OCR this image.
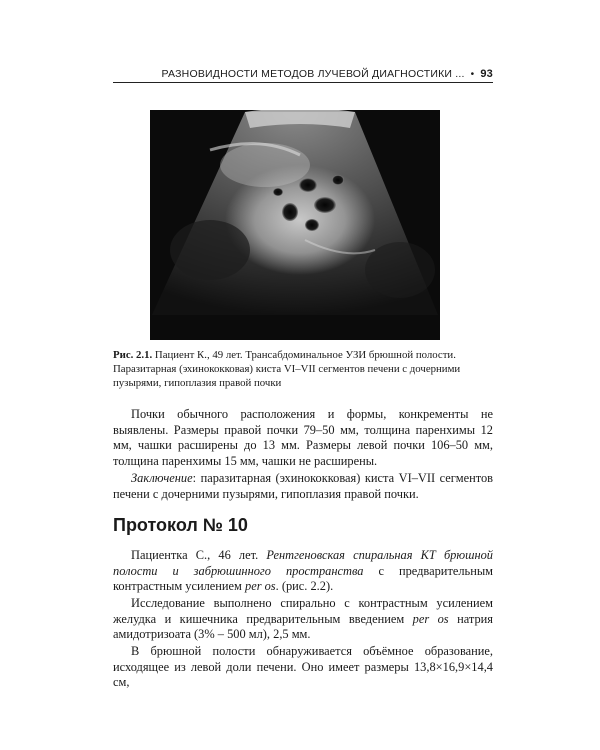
РАЗНОВИДНОСТИ МЕТОДОВ ЛУЧЕВОЙ ДИАГНОСТИКИ ... • 93
Рис. 2.1. Пациент К., 49 лет. Трансабдоминальное УЗИ брюшной полости.
Паразитарная (эхинококковая) киста VI–VII сегментов печени с дочерними пузырями, гипоплазия правой почки

Почки обычного расположения и формы, конкременты не выявлены. Размеры правой почки 79–50 мм, толщина паренхимы 12 мм, чашки расширены до 13 мм. Размеры левой почки 106–50 мм, толщина паренхимы 15 мм, чашки не расширены.

Заключение: паразитарная (эхинококковая) киста VI–VII сегментов печени с дочерними пузырями, гипоплазия правой почки.

Протокол № 10

Пациентка С., 46 лет. Рентгеновская спиральная КТ брюшной полости и забрюшинного пространства с предварительным контрастным усилением per os. (рис. 2.2).

Исследование выполнено спирально с контрастным усилением желудка и кишечника предварительным введением per os натрия амидотризоата (3% – 500 мл), 2,5 мм.

В брюшной полости обнаруживается объёмное образование, исходящее из левой доли печени. Оно имеет размеры 13,8×16,9×14,4 см,
